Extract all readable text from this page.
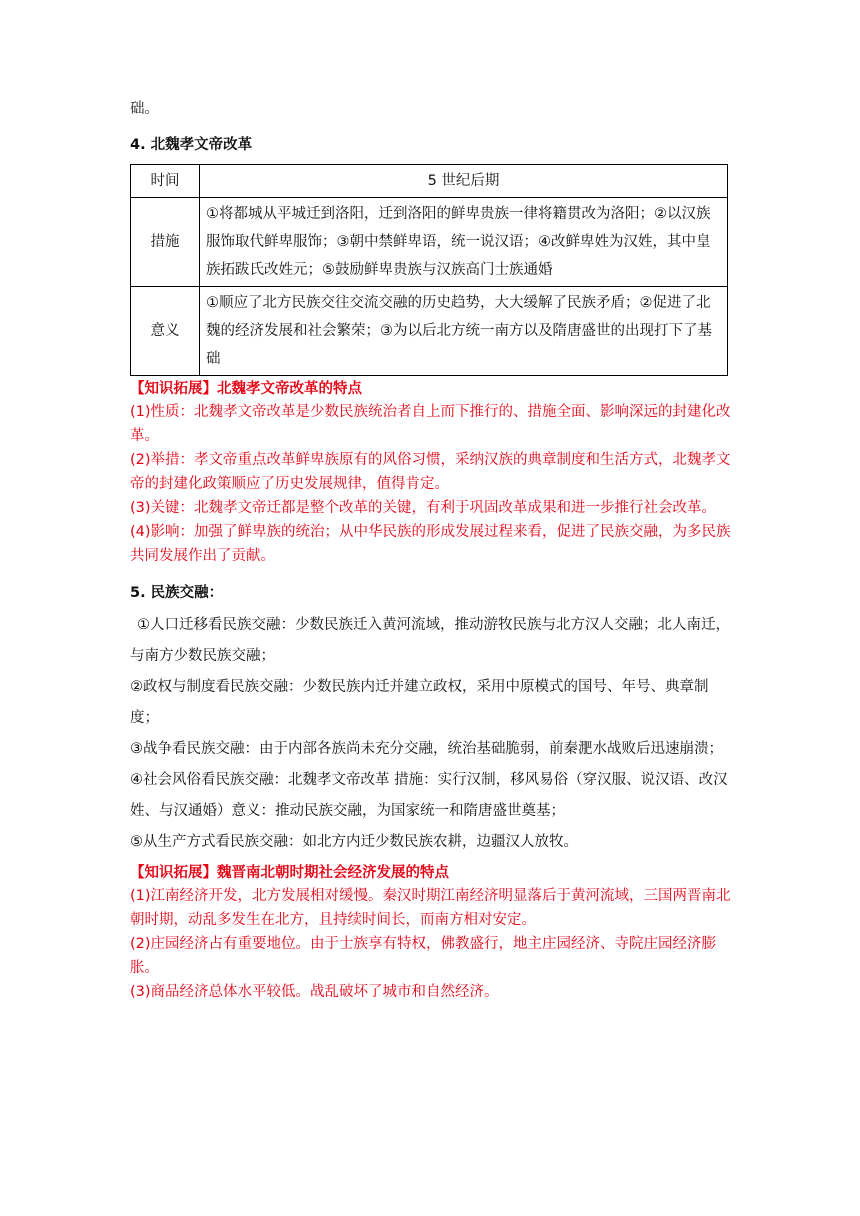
础。

4. 北魏孝文帝改革

时间	5 世纪后期
措施	①将都城从平城迁到洛阳，迁到洛阳的鲜卑贵族一律将籍贯改为洛阳；②以汉族服饰取代鲜卑服饰；③朝中禁鲜卑语，统一说汉语；④改鲜卑姓为汉姓，其中皇族拓跋氏改姓元；⑤鼓励鲜卑贵族与汉族高门士族通婚
意义	①顺应了北方民族交往交流交融的历史趋势，大大缓解了民族矛盾；②促进了北魏的经济发展和社会繁荣；③为以后北方统一南方以及隋唐盛世的出现打下了基础

【知识拓展】北魏孝文帝改革的特点

(1)性质：北魏孝文帝改革是少数民族统治者自上而下推行的、措施全面、影响深远的封建化改革。

(2)举措：孝文帝重点改革鲜卑族原有的风俗习惯，采纳汉族的典章制度和生活方式，北魏孝文帝的封建化政策顺应了历史发展规律，值得肯定。

(3)关键：北魏孝文帝迁都是整个改革的关键，有利于巩固改革成果和进一步推行社会改革。

(4)影响：加强了鲜卑族的统治；从中华民族的形成发展过程来看，促进了民族交融，为多民族共同发展作出了贡献。

5. 民族交融：

①人口迁移看民族交融：少数民族迁入黄河流域，推动游牧民族与北方汉人交融；北人南迁，与南方少数民族交融；

②政权与制度看民族交融：少数民族内迁并建立政权，采用中原模式的国号、年号、典章制度；

③战争看民族交融：由于内部各族尚未充分交融，统治基础脆弱，前秦淝水战败后迅速崩溃；

④社会风俗看民族交融：北魏孝文帝改革 措施：实行汉制，移风易俗（穿汉服、说汉语、改汉姓、与汉通婚）意义：推动民族交融，为国家统一和隋唐盛世奠基；

⑤从生产方式看民族交融：如北方内迁少数民族农耕，边疆汉人放牧。

【知识拓展】魏晋南北朝时期社会经济发展的特点

(1)江南经济开发，北方发展相对缓慢。秦汉时期江南经济明显落后于黄河流域，三国两晋南北朝时期，动乱多发生在北方，且持续时间长，而南方相对安定。

(2)庄园经济占有重要地位。由于士族享有特权，佛教盛行，地主庄园经济、寺院庄园经济膨胀。

(3)商品经济总体水平较低。战乱破坏了城市和自然经济。
